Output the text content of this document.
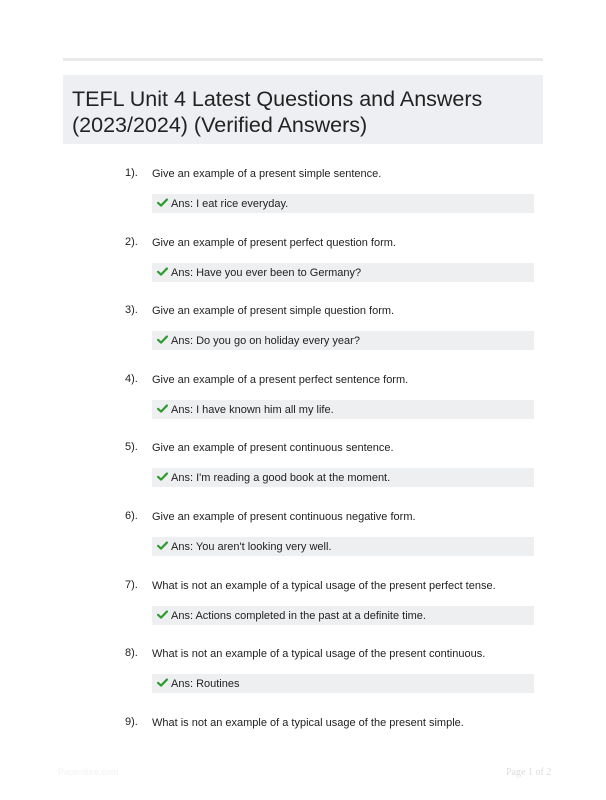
TEFL Unit 4 Latest Questions and Answers
(2023/2024) (Verified Answers)
1). Give an example of a present simple sentence.
Ans: I eat rice everyday.
2). Give an example of present perfect question form.
Ans: Have you ever been to Germany?
3). Give an example of present simple question form.
Ans: Do you go on holiday every year?
4). Give an example of a present perfect sentence form.
Ans: I have known him all my life.
5). Give an example of present continuous sentence.
Ans: I'm reading a good book at the moment.
6). Give an example of present continuous negative form.
Ans: You aren't looking very well.
7). What is not an example of a typical usage of the present perfect tense.
Ans: Actions completed in the past at a definite time.
8). What is not an example of a typical usage of the present continuous.
Ans: Routines
9). What is not an example of a typical usage of the present simple.
Paperlibre.com	Page 1 of 2
